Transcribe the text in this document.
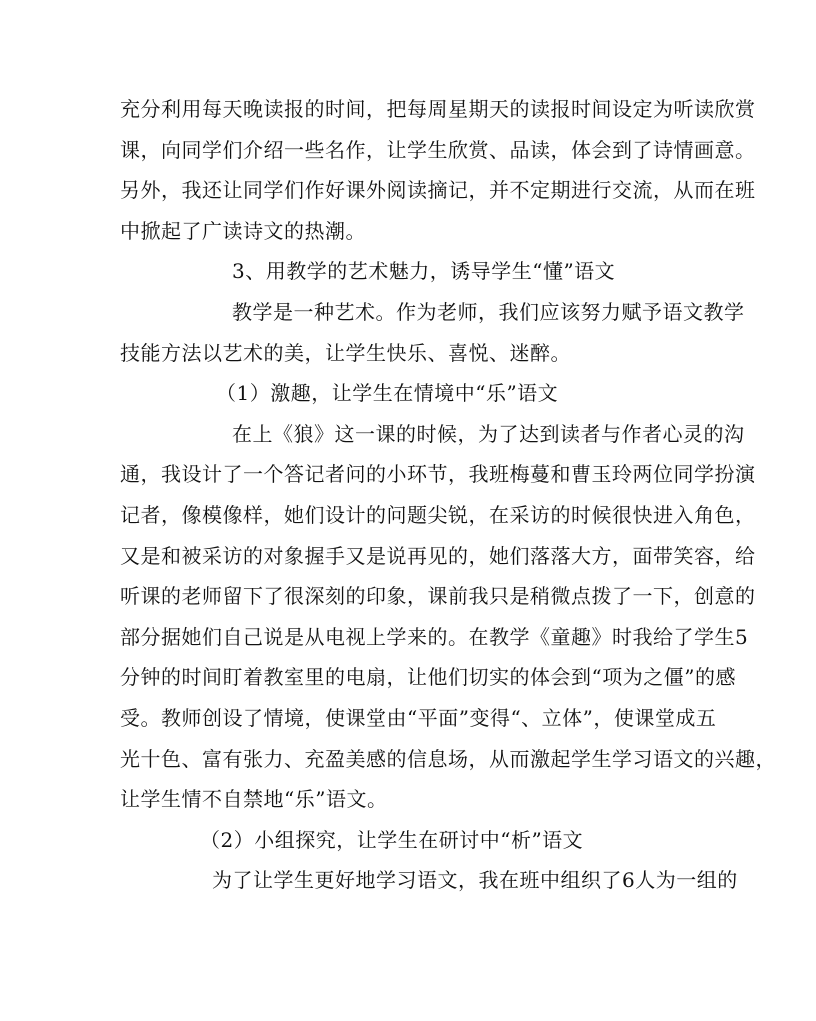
充分利用每天晚读报的时间，把每周星期天的读报时间设定为听读欣赏
课，向同学们介绍一些名作，让学生欣赏、品读，体会到了诗情画意。
另外，我还让同学们作好课外阅读摘记，并不定期进行交流，从而在班
中掀起了广读诗文的热潮。
3、用教学的艺术魅力，诱导学生“懂”语文
教学是一种艺术。作为老师，我们应该努力赋予语文教学
技能方法以艺术的美，让学生快乐、喜悦、迷醉。
（1）激趣，让学生在情境中“乐”语文
在上《狼》这一课的时候，为了达到读者与作者心灵的沟
通，我设计了一个答记者问的小环节，我班梅蔓和曹玉玲两位同学扮演
记者，像模像样，她们设计的问题尖锐，在采访的时候很快进入角色，
又是和被采访的对象握手又是说再见的，她们落落大方，面带笑容，给
听课的老师留下了很深刻的印象，课前我只是稍微点拨了一下，创意的
部分据她们自己说是从电视上学来的。在教学《童趣》时我给了学生5
分钟的时间盯着教室里的电扇，让他们切实的体会到“项为之僵”的感
受。教师创设了情境，使课堂由“平面”变得“、立体”，使课堂成五
光十色、富有张力、充盈美感的信息场，从而激起学生学习语文的兴趣，
让学生情不自禁地“乐”语文。
（2）小组探究，让学生在研讨中“析”语文
为了让学生更好地学习语文，我在班中组织了6人为一组的
